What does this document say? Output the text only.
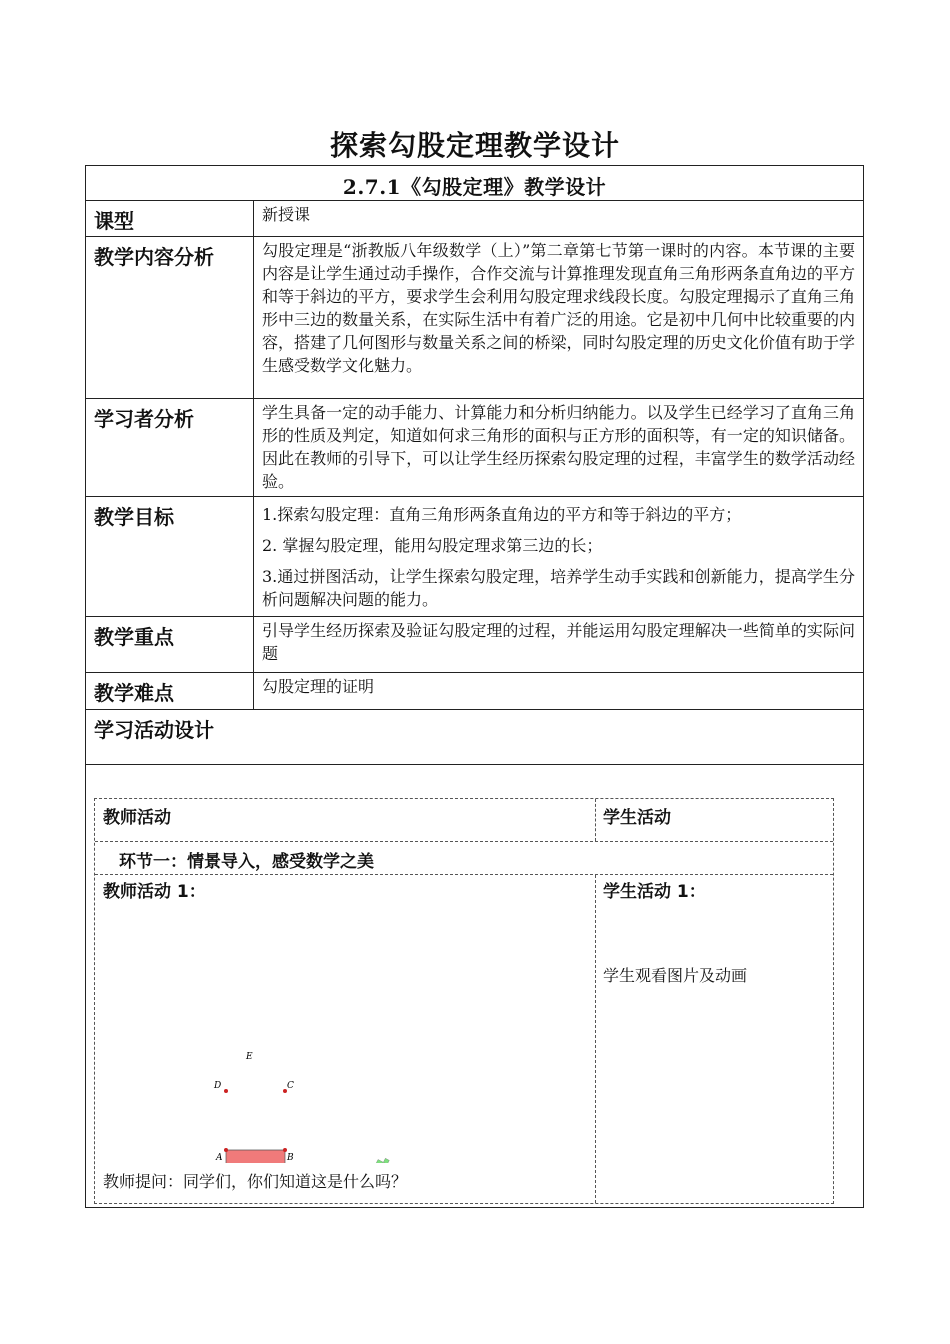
探索勾股定理教学设计
2.7.1《勾股定理》教学设计
课型	新授课
教学内容分析	勾股定理是“浙教版八年级数学（上）”第二章第七节第一课时的内容。本节课的主要内容是让学生通过动手操作，合作交流与计算推理发现直角三角形两条直角边的平方和等于斜边的平方，要求学生会利用勾股定理求线段长度。勾股定理揭示了直角三角形中三边的数量关系，在实际生活中有着广泛的用途。它是初中几何中比较重要的内容，搭建了几何图形与数量关系之间的桥梁，同时勾股定理的历史文化价值有助于学生感受数学文化魅力。
学习者分析	学生具备一定的动手能力、计算能力和分析归纳能力。以及学生已经学习了直角三角形的性质及判定，知道如何求三角形的面积与正方形的面积等，有一定的知识储备。因此在教师的引导下，可以让学生经历探索勾股定理的过程，丰富学生的数学活动经验。
教学目标	1.探索勾股定理：直角三角形两条直角边的平方和等于斜边的平方；

2. 掌握勾股定理，能用勾股定理求第三边的长；

3.通过拼图活动，让学生探索勾股定理，培养学生动手实践和创新能力，提高学生分析问题解决问题的能力。

教学重点	引导学生经历探索及验证勾股定理的过程，并能运用勾股定理解决一些简单的实际问题
教学难点	勾股定理的证明
学习活动设计
教师活动	学生活动
环节一：情景导入，感受数学之美
教师活动 1：	学生活动 1：
学生观看图片及动画
A	B
C
D
E
教师提问：同学们，你们知道这是什么吗？
